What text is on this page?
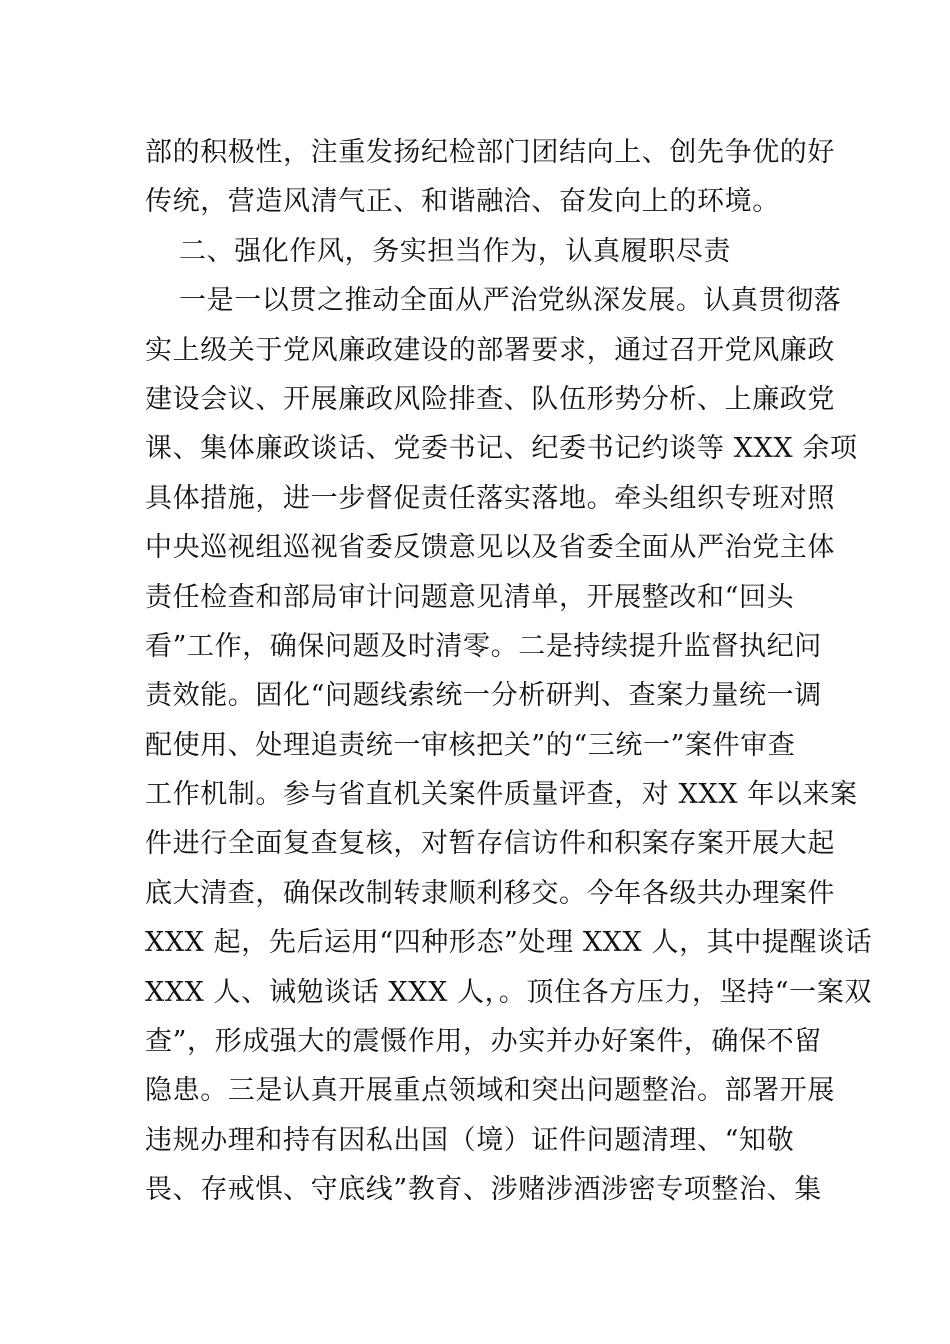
部的积极性，注重发扬纪检部门团结向上、创先争优的好
传统，营造风清气正、和谐融洽、奋发向上的环境。
二、强化作风，务实担当作为，认真履职尽责
一是一以贯之推动全面从严治党纵深发展。认真贯彻落
实上级关于党风廉政建设的部署要求，通过召开党风廉政
建设会议、开展廉政风险排查、队伍形势分析、上廉政党
课、集体廉政谈话、党委书记、纪委书记约谈等 XXX 余项
具体措施，进一步督促责任落实落地。牵头组织专班对照
中央巡视组巡视省委反馈意见以及省委全面从严治党主体
责任检查和部局审计问题意见清单，开展整改和“回头
看”工作，确保问题及时清零。二是持续提升监督执纪问
责效能。固化“问题线索统一分析研判、查案力量统一调
配使用、处理追责统一审核把关”的“三统一”案件审查
工作机制。参与省直机关案件质量评查，对 XXX 年以来案
件进行全面复查复核，对暂存信访件和积案存案开展大起
底大清查，确保改制转隶顺利移交。今年各级共办理案件
XXX 起，先后运用“四种形态”处理 XXX 人，其中提醒谈话
XXX 人、诫勉谈话 XXX 人，。顶住各方压力，坚持“一案双
查”，形成强大的震慑作用，办实并办好案件，确保不留
隐患。三是认真开展重点领域和突出问题整治。部署开展
违规办理和持有因私出国（境）证件问题清理、“知敬
畏、存戒惧、守底线”教育、涉赌涉酒涉密专项整治、集
